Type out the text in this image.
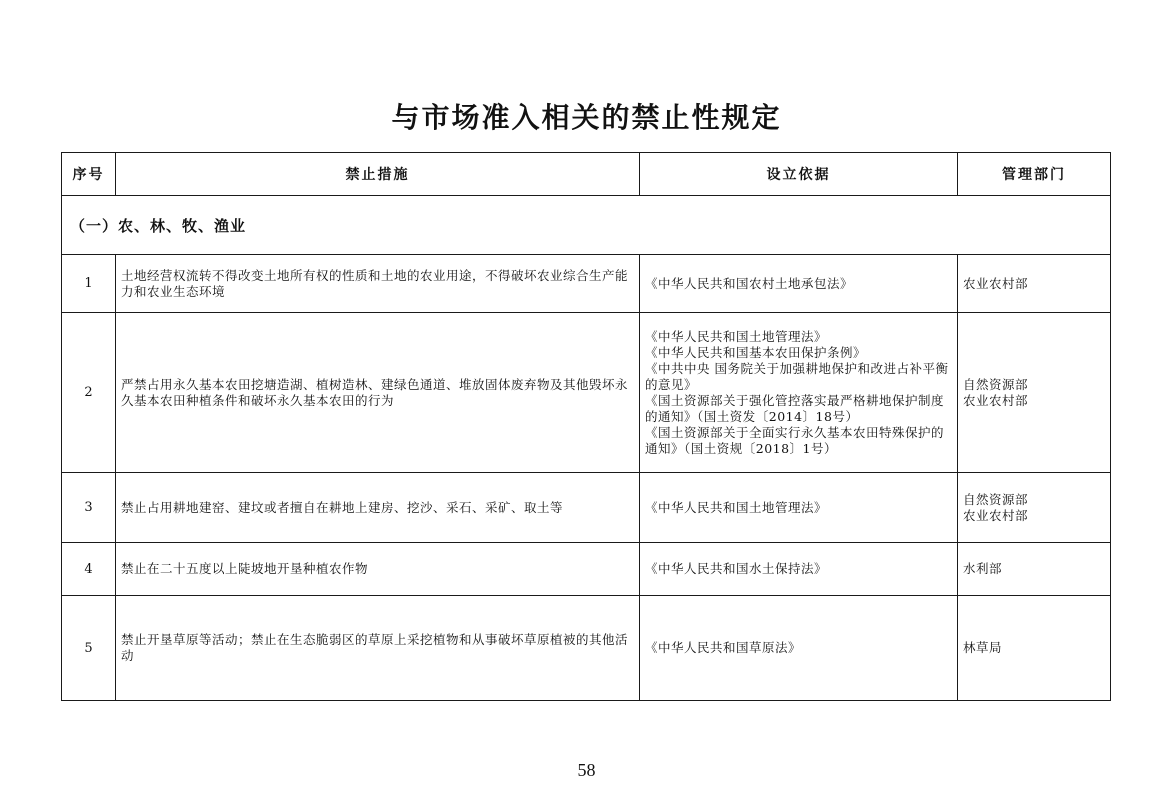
与市场准入相关的禁止性规定
序号	禁止措施	设立依据	管理部门
（一）农、林、牧、渔业			
1	土地经营权流转不得改变土地所有权的性质和土地的农业用途，不得破坏农业综合生产能力和农业生态环境	《中华人民共和国农村土地承包法》	农业农村部

2	严禁占用永久基本农田挖塘造湖、植树造林、建绿色通道、堆放固体废弃物及其他毁坏永久基本农田种植条件和破坏永久基本农田的行为	《中华人民共和国土地管理法》
《中华人民共和国基本农田保护条例》
《中共中央 国务院关于加强耕地保护和改进占补平衡的意见》
《国土资源部关于强化管控落实最严格耕地保护制度的通知》（国土资发〔2014〕18号）
《国土资源部关于全面实行永久基本农田特殊保护的通知》（国土资规〔2018〕1号）	自然资源部
农业农村部

3	禁止占用耕地建窑、建坟或者擅自在耕地上建房、挖沙、采石、采矿、取土等	《中华人民共和国土地管理法》	自然资源部
农业农村部

4	禁止在二十五度以上陡坡地开垦种植农作物	《中华人民共和国水土保持法》	水利部

5	禁止开垦草原等活动；禁止在生态脆弱区的草原上采挖植物和从事破坏草原植被的其他活动	《中华人民共和国草原法》	林草局
58
